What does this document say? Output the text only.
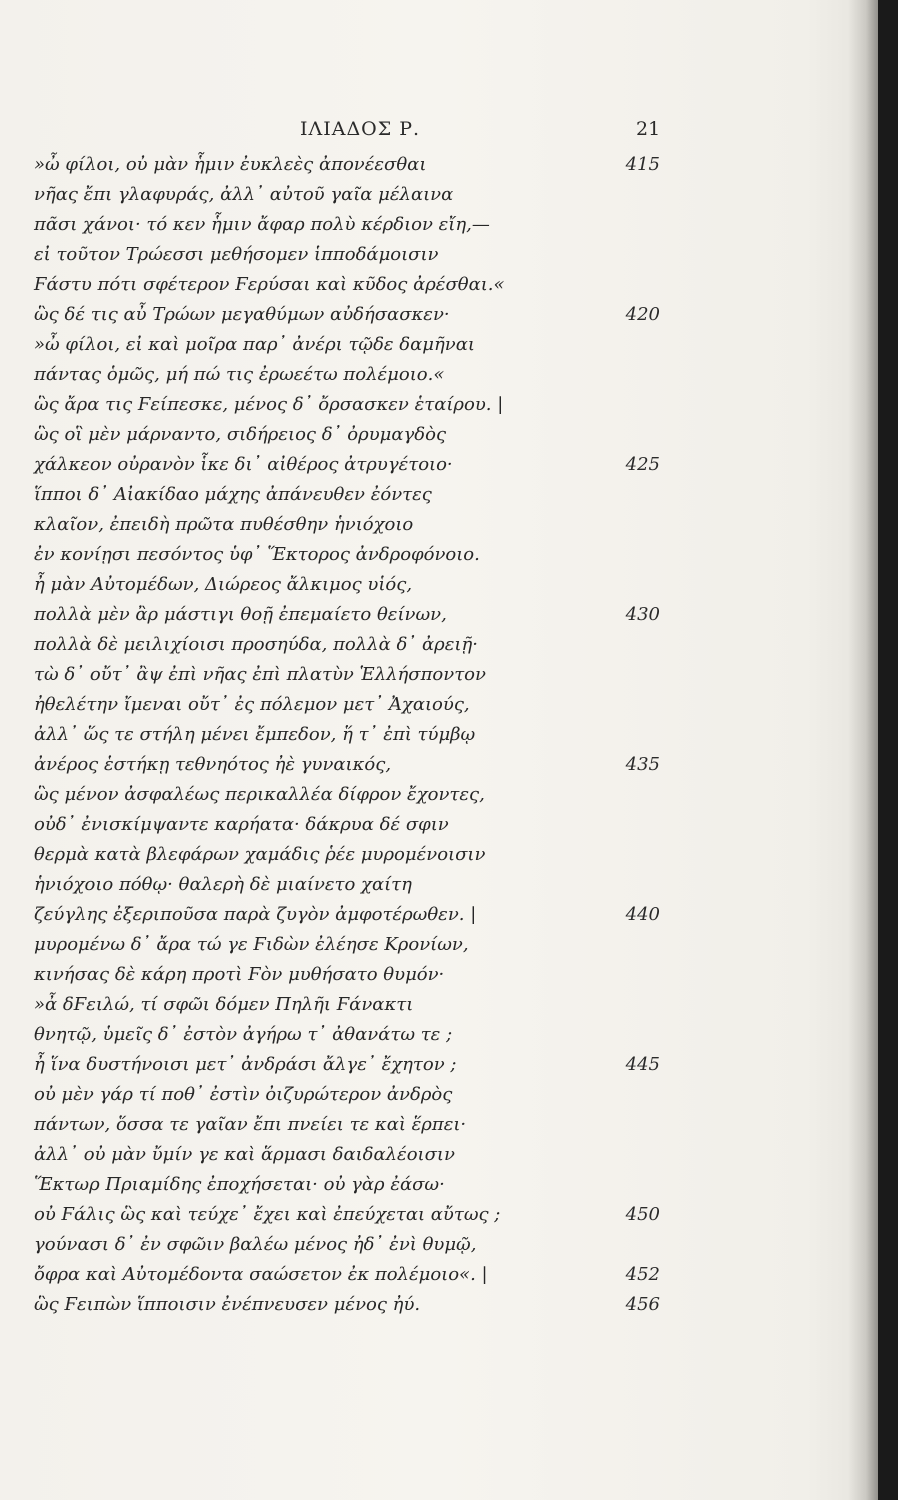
ΙΛΙΑΔΟΣ Ρ.	21
»ὦ φίλοι, οὐ μὰν ἧμιν ἐυκλεὲς ἀπονέεσθαι	415
νῆας ἔπι γλαφυράς, ἀλλ᾽ αὐτοῦ γαῖα μέλαινα
πᾶσι χάνοι· τό κεν ἧμιν ἄφαρ πολὺ κέρδιον εἴη,—
εἰ τοῦτον Τρώεσσι μεθήσομεν ἱπποδάμοισιν
Ϝάστυ πότι σφέτερον Ϝερύσαι καὶ κῦδος ἀρέσθαι.«
ὣς δέ τις αὖ Τρώων μεγαθύμων αὐδήσασκεν·	420
»ὦ φίλοι, εἰ καὶ μοῖρα παρ᾽ ἀνέρι τῷδε δαμῆναι
πάντας ὁμῶς, μή πώ τις ἐρωεέτω πολέμοιο.«
ὣς ἄρα τις Ϝείπεσκε, μένος δ᾽ ὄρσασκεν ἑταίρου. |
ὣς οἳ μὲν μάρναντο, σιδήρειος δ᾽ ὀρυμαγδὸς
χάλκεον οὐρανὸν ἷκε δι᾽ αἰθέρος ἀτρυγέτοιο·	425
ἵπποι δ᾽ Αἰακίδαο μάχης ἀπάνευθεν ἐόντες
κλαῖον, ἐπειδὴ πρῶτα πυθέσθην ἡνιόχοιο
ἐν κονίῃσι πεσόντος ὑφ᾽ Ἕκτορος ἀνδροφόνοιο.
ἦ μὰν Αὐτομέδων, Διώρεος ἄλκιμος υἱός,
πολλὰ μὲν ἂρ μάστιγι θοῇ ἐπεμαίετο θείνων,	430
πολλὰ δὲ μειλιχίοισι προσηύδα, πολλὰ δ᾽ ἀρειῇ·
τὼ δ᾽ οὔτ᾽ ἂψ ἐπὶ νῆας ἐπὶ πλατὺν Ἑλλήσποντον
ἠθελέτην ἴμεναι οὔτ᾽ ἐς πόλεμον μετ᾽ Ἀχαιούς,
ἀλλ᾽ ὥς τε στήλη μένει ἔμπεδον, ἥ τ᾽ ἐπὶ τύμβῳ
ἀνέρος ἑστήκῃ τεθνηότος ἠὲ γυναικός,	435
ὣς μένον ἀσφαλέως περικαλλέα δίφρον ἔχοντες,
οὐδ᾽ ἐνισκίμψαντε καρήατα· δάκρυα δέ σφιν
θερμὰ κατὰ βλεφάρων χαμάδις ῥέε μυρομένοισιν
ἡνιόχοιο πόθῳ· θαλερὴ δὲ μιαίνετο χαίτη
ζεύγλης ἐξεριποῦσα παρὰ ζυγὸν ἀμφοτέρωθεν. |	440
μυρομένω δ᾽ ἄρα τώ γε Ϝιδὼν ἐλέησε Κρονίων,
κινήσας δὲ κάρη προτὶ Ϝὸν μυθήσατο θυμόν·
»ἆ δϜειλώ, τί σφῶι δόμεν Πηλῆι Ϝάνακτι
θνητῷ, ὑμεῖς δ᾽ ἐστὸν ἀγήρω τ᾽ ἀθανάτω τε ;
ἦ ἵνα δυστήνοισι μετ᾽ ἀνδράσι ἄλγε᾽ ἔχητον ;	445
οὐ μὲν γάρ τί ποθ᾽ ἐστὶν ὀιζυρώτερον ἀνδρὸς
πάντων, ὅσσα τε γαῖαν ἔπι πνείει τε καὶ ἕρπει·
ἀλλ᾽ οὐ μὰν ὔμίν γε καὶ ἅρμασι δαιδαλέοισιν
Ἕκτωρ Πριαμίδης ἐποχήσεται· οὐ γὰρ ἐάσω·
οὐ Ϝάλις ὣς καὶ τεύχε᾽ ἔχει καὶ ἐπεύχεται αὔτως ;	450
γούνασι δ᾽ ἐν σφῶιν βαλέω μένος ἠδ᾽ ἐνὶ θυμῷ,
ὄφρα καὶ Αὐτομέδοντα σαώσετον ἐκ πολέμοιο«. |	452
ὣς Ϝειπὼν ἵπποισιν ἐνέπνευσεν μένος ἠύ.	456
